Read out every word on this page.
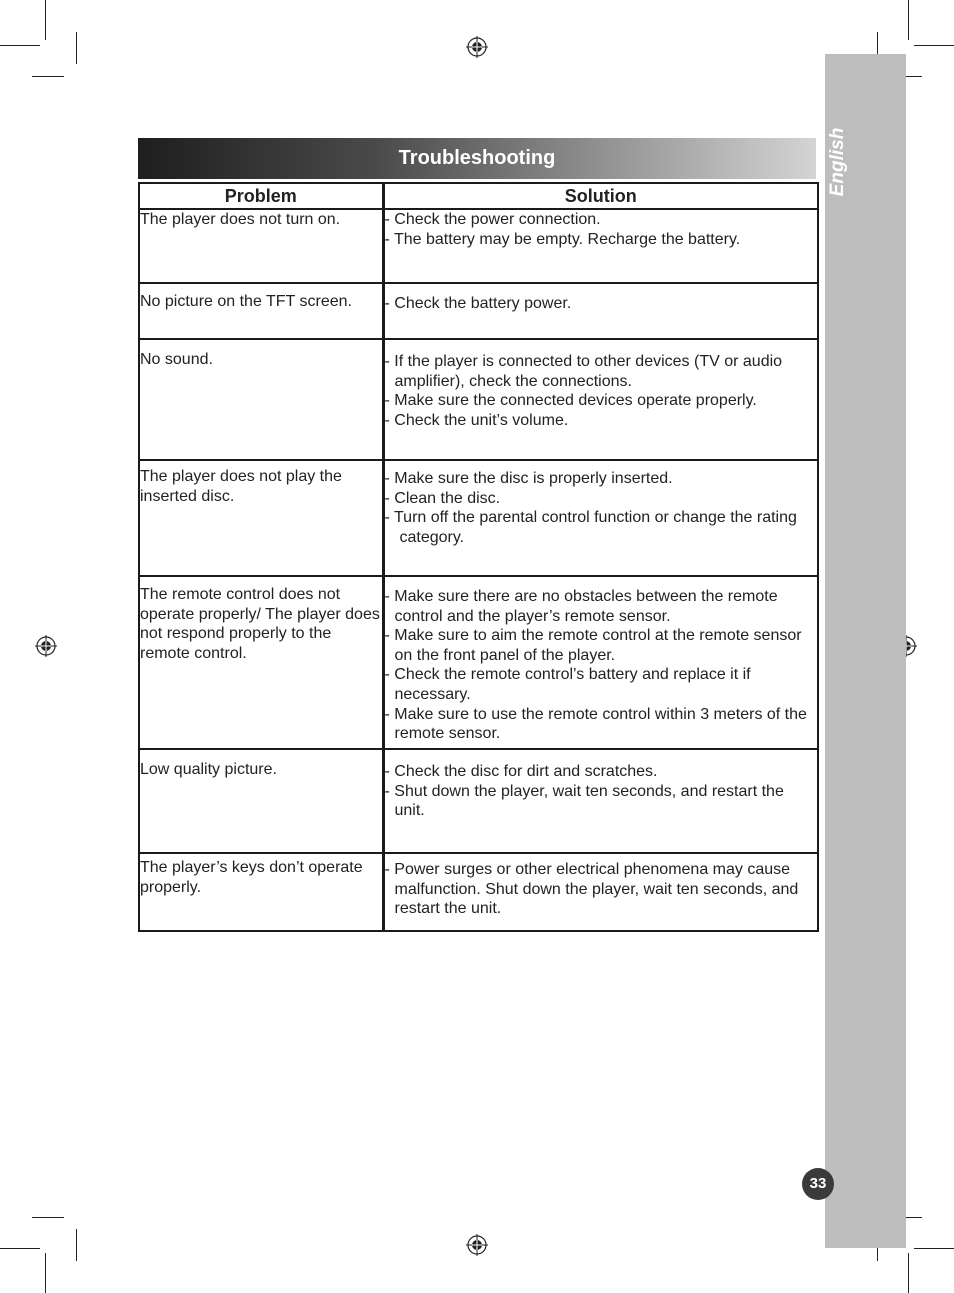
English
33
Troubleshooting
Problem	Solution
The player does not turn on.	- Check the power connection.
- The battery may be empty. Recharge the battery.

No picture on the TFT screen.	- Check the battery power.

No sound.	- If the player is connected to other devices (TV or audio amplifier), check the connections.
- Make sure the connected devices operate properly.
- Check the unit’s volume.

The player does not play the inserted disc.	- Make sure the disc is properly inserted.
- Clean the disc.
- Turn off the parental control function or change the rating category.

The remote control does not operate properly/ The player does not respond properly to the remote control.	- Make sure there are no obstacles between the remote control and the player’s remote sensor.
- Make sure to aim the remote control at the remote sensor on the front panel of the player.
- Check the remote control’s battery and replace it if necessary.
- Make sure to use the remote control within 3 meters of the remote sensor.

Low quality picture.	- Check the disc for dirt and scratches.
- Shut down the player, wait ten seconds, and restart the unit.

The player’s keys don’t operate properly.	- Power surges or other electrical phenomena may cause malfunction. Shut down the player, wait ten seconds, and restart the unit.
